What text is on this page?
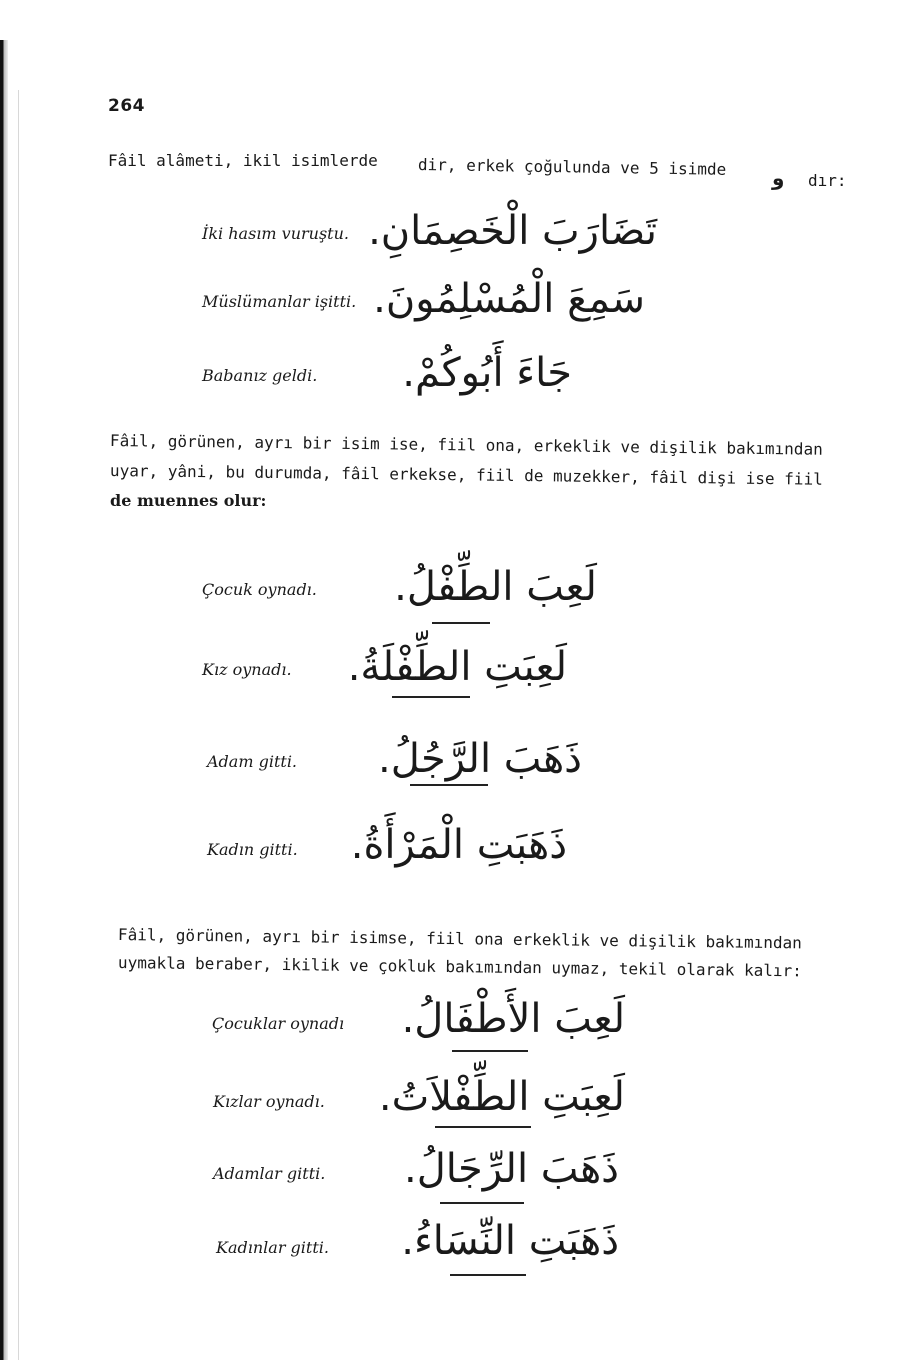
264
Fâil alâmeti, ikil isimlerde	dir, erkek çoğulunda ve 5 isimde و dır:
İki hasım vuruştu. تَضَارَبَ الْخَصِمَانِ.
Müslümanlar işitti. سَمِعَ الْمُسْلِمُونَ.
Babanız geldi.	جَاءَ أَبُوكُمْ.
Fâil, görünen, ayrı bir isim ise, fiil ona, erkeklik ve dişilik bakımından
uyar, yâni, bu durumda, fâil erkekse, fiil de muzekker, fâil dişi ise fiil
de muennes olur:
Çocuk oynadı. لَعِبَ الطِّفْلُ.
Kız oynadı. لَعِبَتِ الطِّفْلَةُ.
Adam gitti.	ذَهَبَ الرَّجُلُ.
Kadın gitti. ذَهَبَتِ الْمَرْأَةُ.
Fâil, görünen, ayrı bir isimse, fiil ona erkeklik ve dişilik bakımından
uymakla beraber, ikilik ve çokluk bakımından uymaz, tekil olarak kalır:
Çocuklar oynadı لَعِبَ الأَطْفَالُ.
Kızlar oynadı. لَعِبَتِ الطِّفْلاَتُ.
Adamlar gitti. ذَهَبَ الرِّجَالُ.
Kadınlar gitti. ذَهَبَتِ النِّسَاءُ.
